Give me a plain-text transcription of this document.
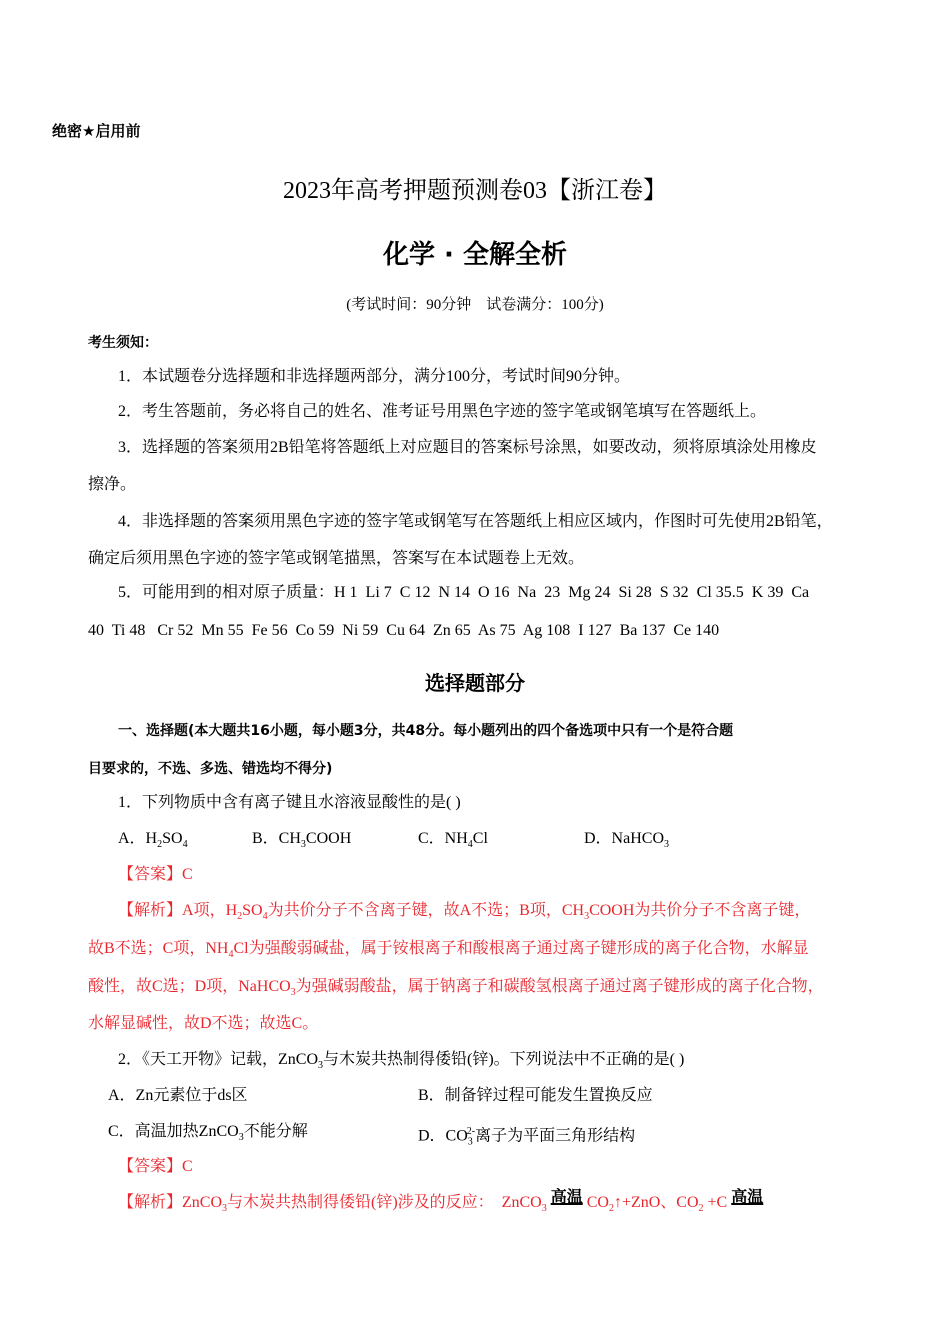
绝密★启用前
2023年高考押题预测卷03【浙江卷】
化学 · 全解全析
(考试时间：90分钟　试卷满分：100分)
考生须知：
1．本试题卷分选择题和非选择题两部分，满分100分，考试时间90分钟。
2．考生答题前，务必将自己的姓名、准考证号用黑色字迹的签字笔或钢笔填写在答题纸上。
3．选择题的答案须用2B铅笔将答题纸上对应题目的答案标号涂黑，如要改动，须将原填涂处用橡皮
擦净。
4．非选择题的答案须用黑色字迹的签字笔或钢笔写在答题纸上相应区域内，作图时可先使用2B铅笔，
确定后须用黑色字迹的签字笔或钢笔描黑，答案写在本试题卷上无效。
5．可能用到的相对原子质量：H 1  Li 7  C 12  N 14  O 16  Na  23  Mg 24  Si 28  S 32  Cl 35.5  K 39  Ca
40  Ti 48   Cr 52  Mn 55  Fe 56  Co 59  Ni 59  Cu 64  Zn 65  As 75  Ag 108  I 127  Ba 137  Ce 140
选择题部分
一、选择题(本大题共16小题，每小题3分，共48分。每小题列出的四个备选项中只有一个是符合题
目要求的，不选、多选、错选均不得分)
1．下列物质中含有离子键且水溶液显酸性的是( )
A．$H_2SO_4$	B．$CH_3COOH$	C．$NH_4Cl$	D．NaHCO$_3$
【答案】C
【解析】A项，$H_2SO_4$为共价分子不含离子键，故A不选；B项，$CH_3COOH$为共价分子不含离子键，
故B不选；C项，$NH_4Cl$为强酸弱碱盐，属于铵根离子和酸根离子通过离子键形成的离子化合物，水解显
酸性，故C选；D项，NaHCO$_3$为强碱弱酸盐，属于钠离子和碳酸氢根离子通过离子键形成的离子化合物，
水解显碱性，故D不选；故选C。
2．《天工开物》记载，ZnCO$_3$与木炭共热制得倭铅(锌)。下列说法中不正确的是( )
A．Zn元素位于ds区	B．制备锌过程可能发生置换反应
C．高温加热ZnCO$_3$不能分解	D．$CO_3^{2-}$离子为平面三角形结构
【答案】C
【解析】ZnCO$_3$与木炭共热制得倭铅(锌)涉及的反应：　ZnCO$_3$ 高温 $CO_2↑+ZnO$、$CO_2 +C$ 高温
